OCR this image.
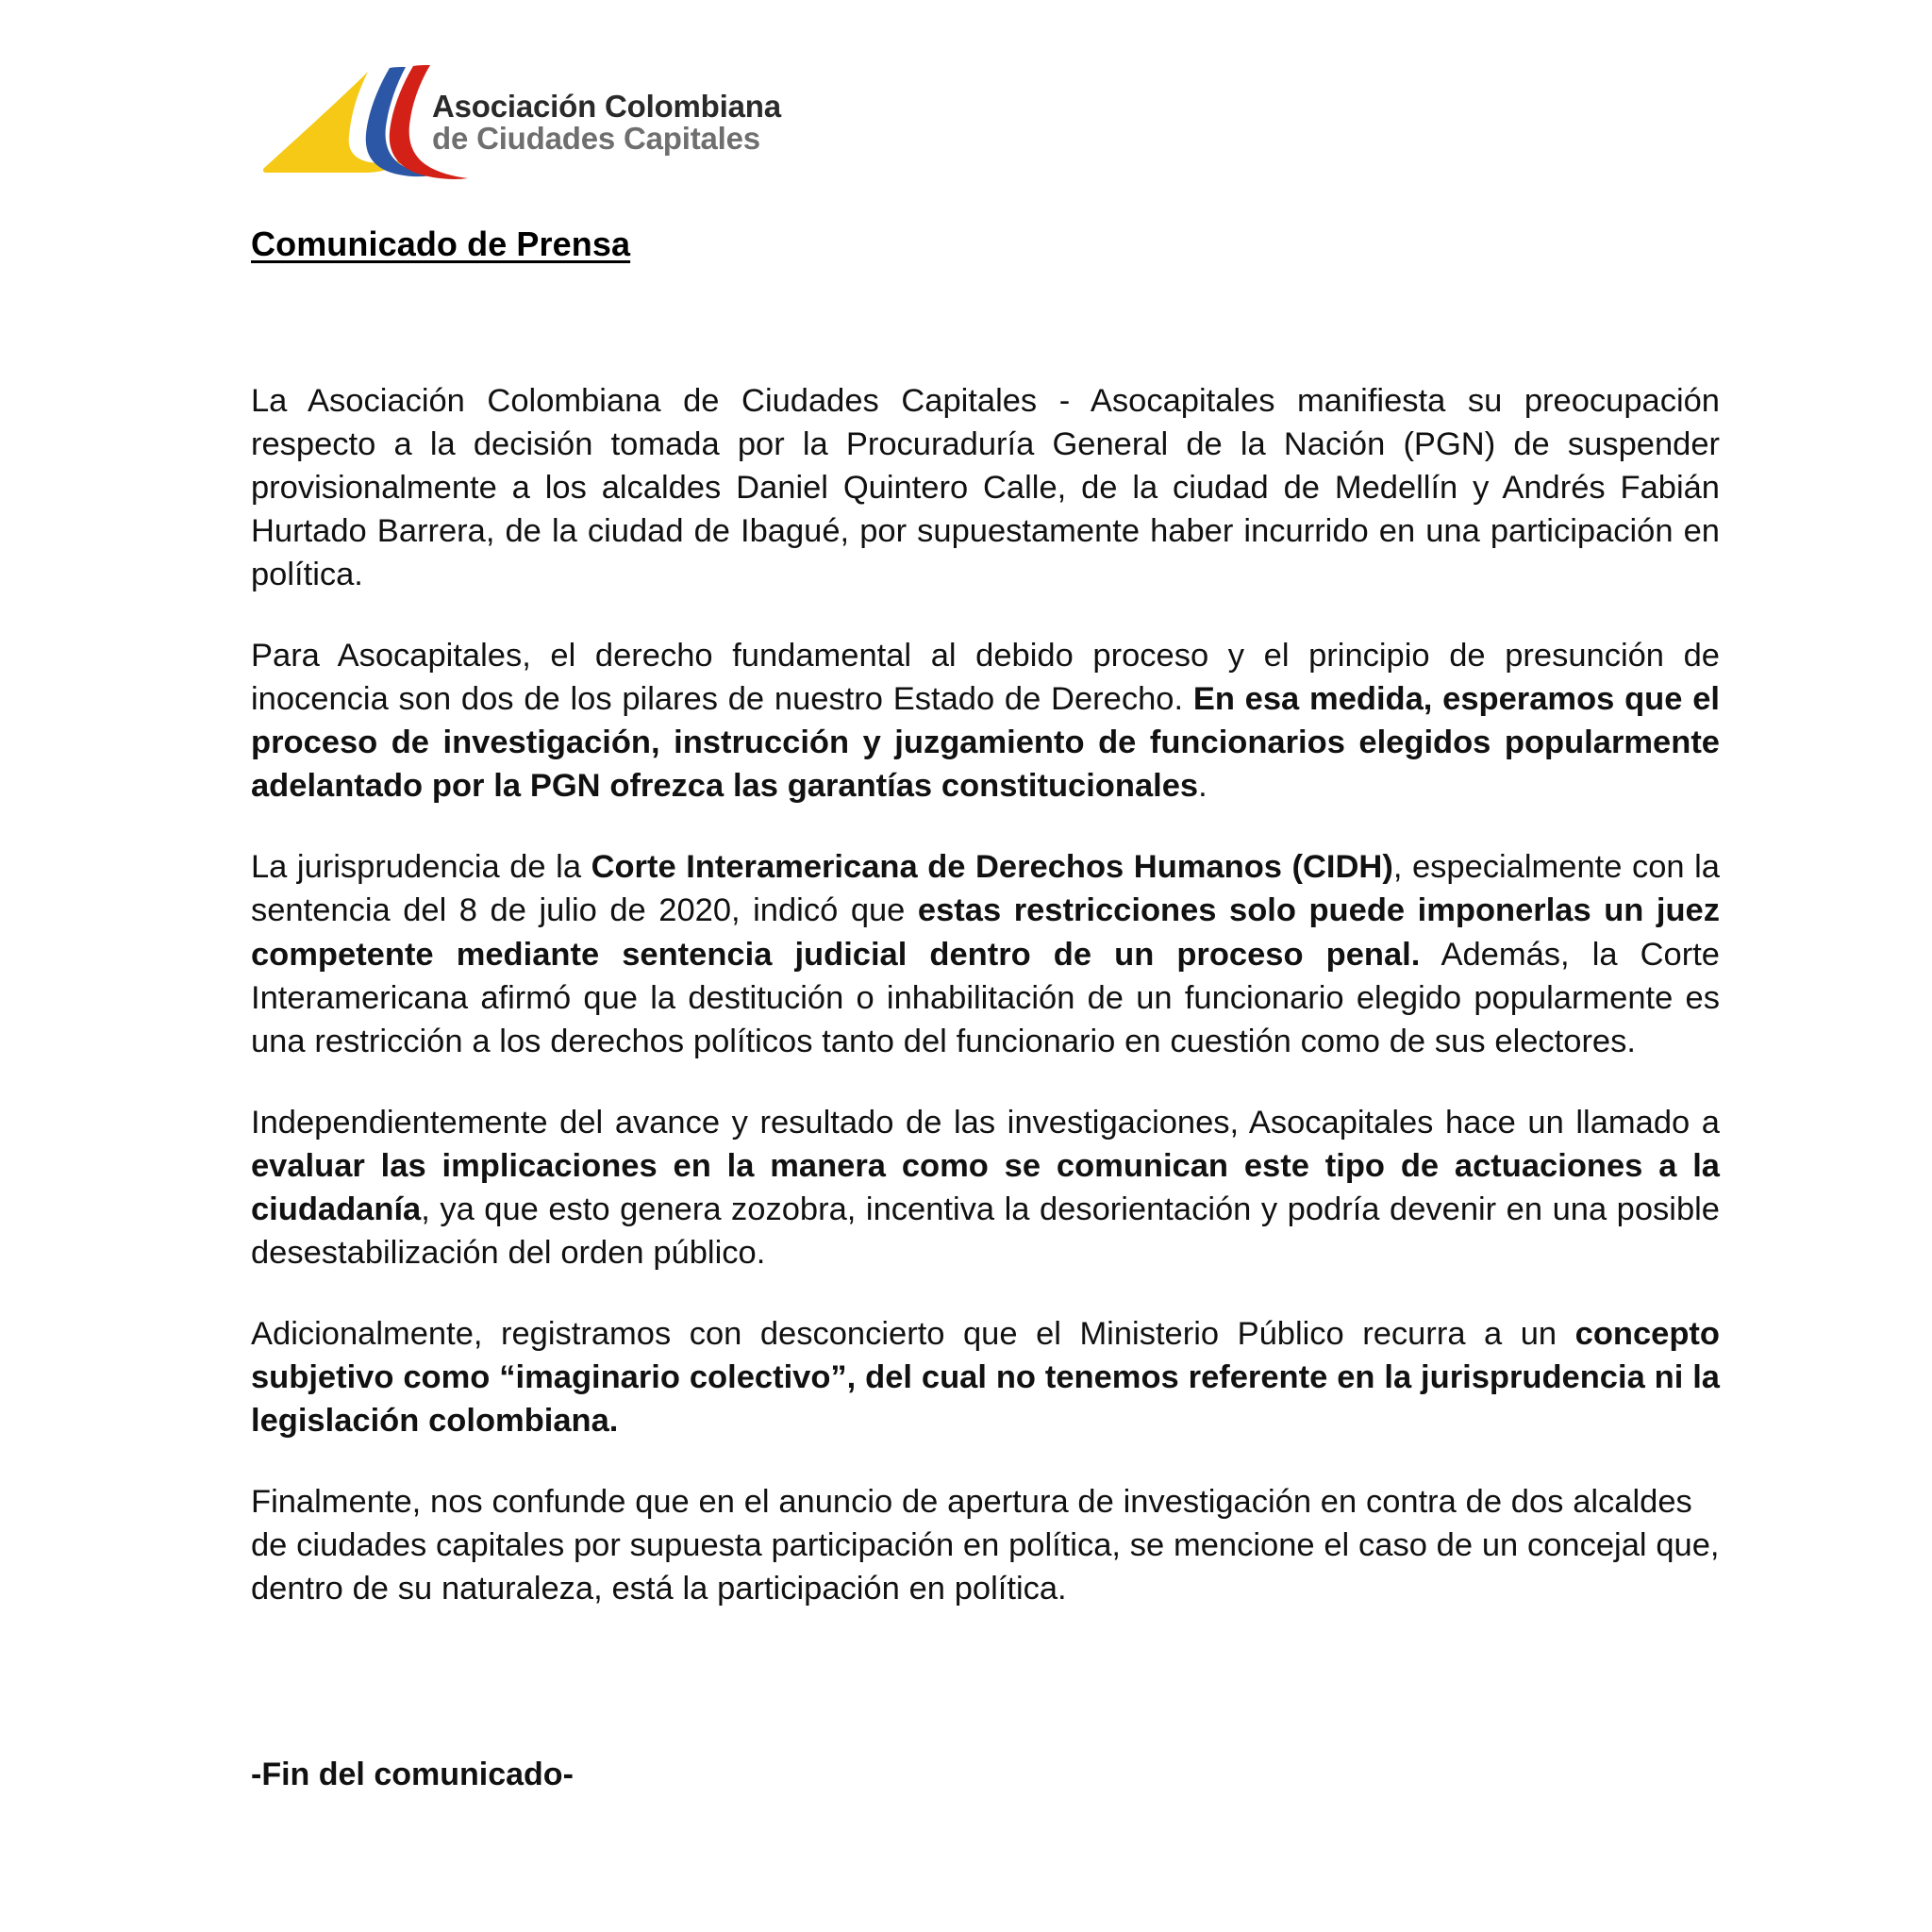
Asociación Colombiana
de Ciudades Capitales
Comunicado de Prensa

La Asociación Colombiana de Ciudades Capitales - Asocapitales manifiesta su preocupación respecto a la decisión tomada por la Procuraduría General de la Nación (PGN) de suspender provisionalmente a los alcaldes Daniel Quintero Calle, de la ciudad de Medellín y Andrés Fabián Hurtado Barrera, de la ciudad de Ibagué, por supuestamente haber incurrido en una participación en política.

Para Asocapitales, el derecho fundamental al debido proceso y el principio de presunción de inocencia son dos de los pilares de nuestro Estado de Derecho. En esa medida, esperamos que el proceso de investigación, instrucción y juzgamiento de funcionarios elegidos popularmente adelantado por la PGN ofrezca las garantías constitucionales.

La jurisprudencia de la Corte Interamericana de Derechos Humanos (CIDH), especialmente con la sentencia del 8 de julio de 2020, indicó que estas restricciones solo puede imponerlas un juez competente mediante sentencia judicial dentro de un proceso penal. Además, la Corte Interamericana afirmó que la destitución o inhabilitación de un funcionario elegido popularmente es una restricción a los derechos políticos tanto del funcionario en cuestión como de sus electores.

Independientemente del avance y resultado de las investigaciones, Asocapitales hace un llamado a evaluar las implicaciones en la manera como se comunican este tipo de actuaciones a la ciudadanía, ya que esto genera zozobra, incentiva la desorientación y podría devenir en una posible desestabilización del orden público.

Adicionalmente, registramos con desconcierto que el Ministerio Público recurra a un concepto subjetivo como “imaginario colectivo”, del cual no tenemos referente en la jurisprudencia ni la legislación colombiana.

Finalmente, nos confunde que en el anuncio de apertura de investigación en contra de dos alcaldes de ciudades capitales por supuesta participación en política, se mencione el caso de un concejal que, dentro de su naturaleza, está la participación en política.

-Fin del comunicado-
